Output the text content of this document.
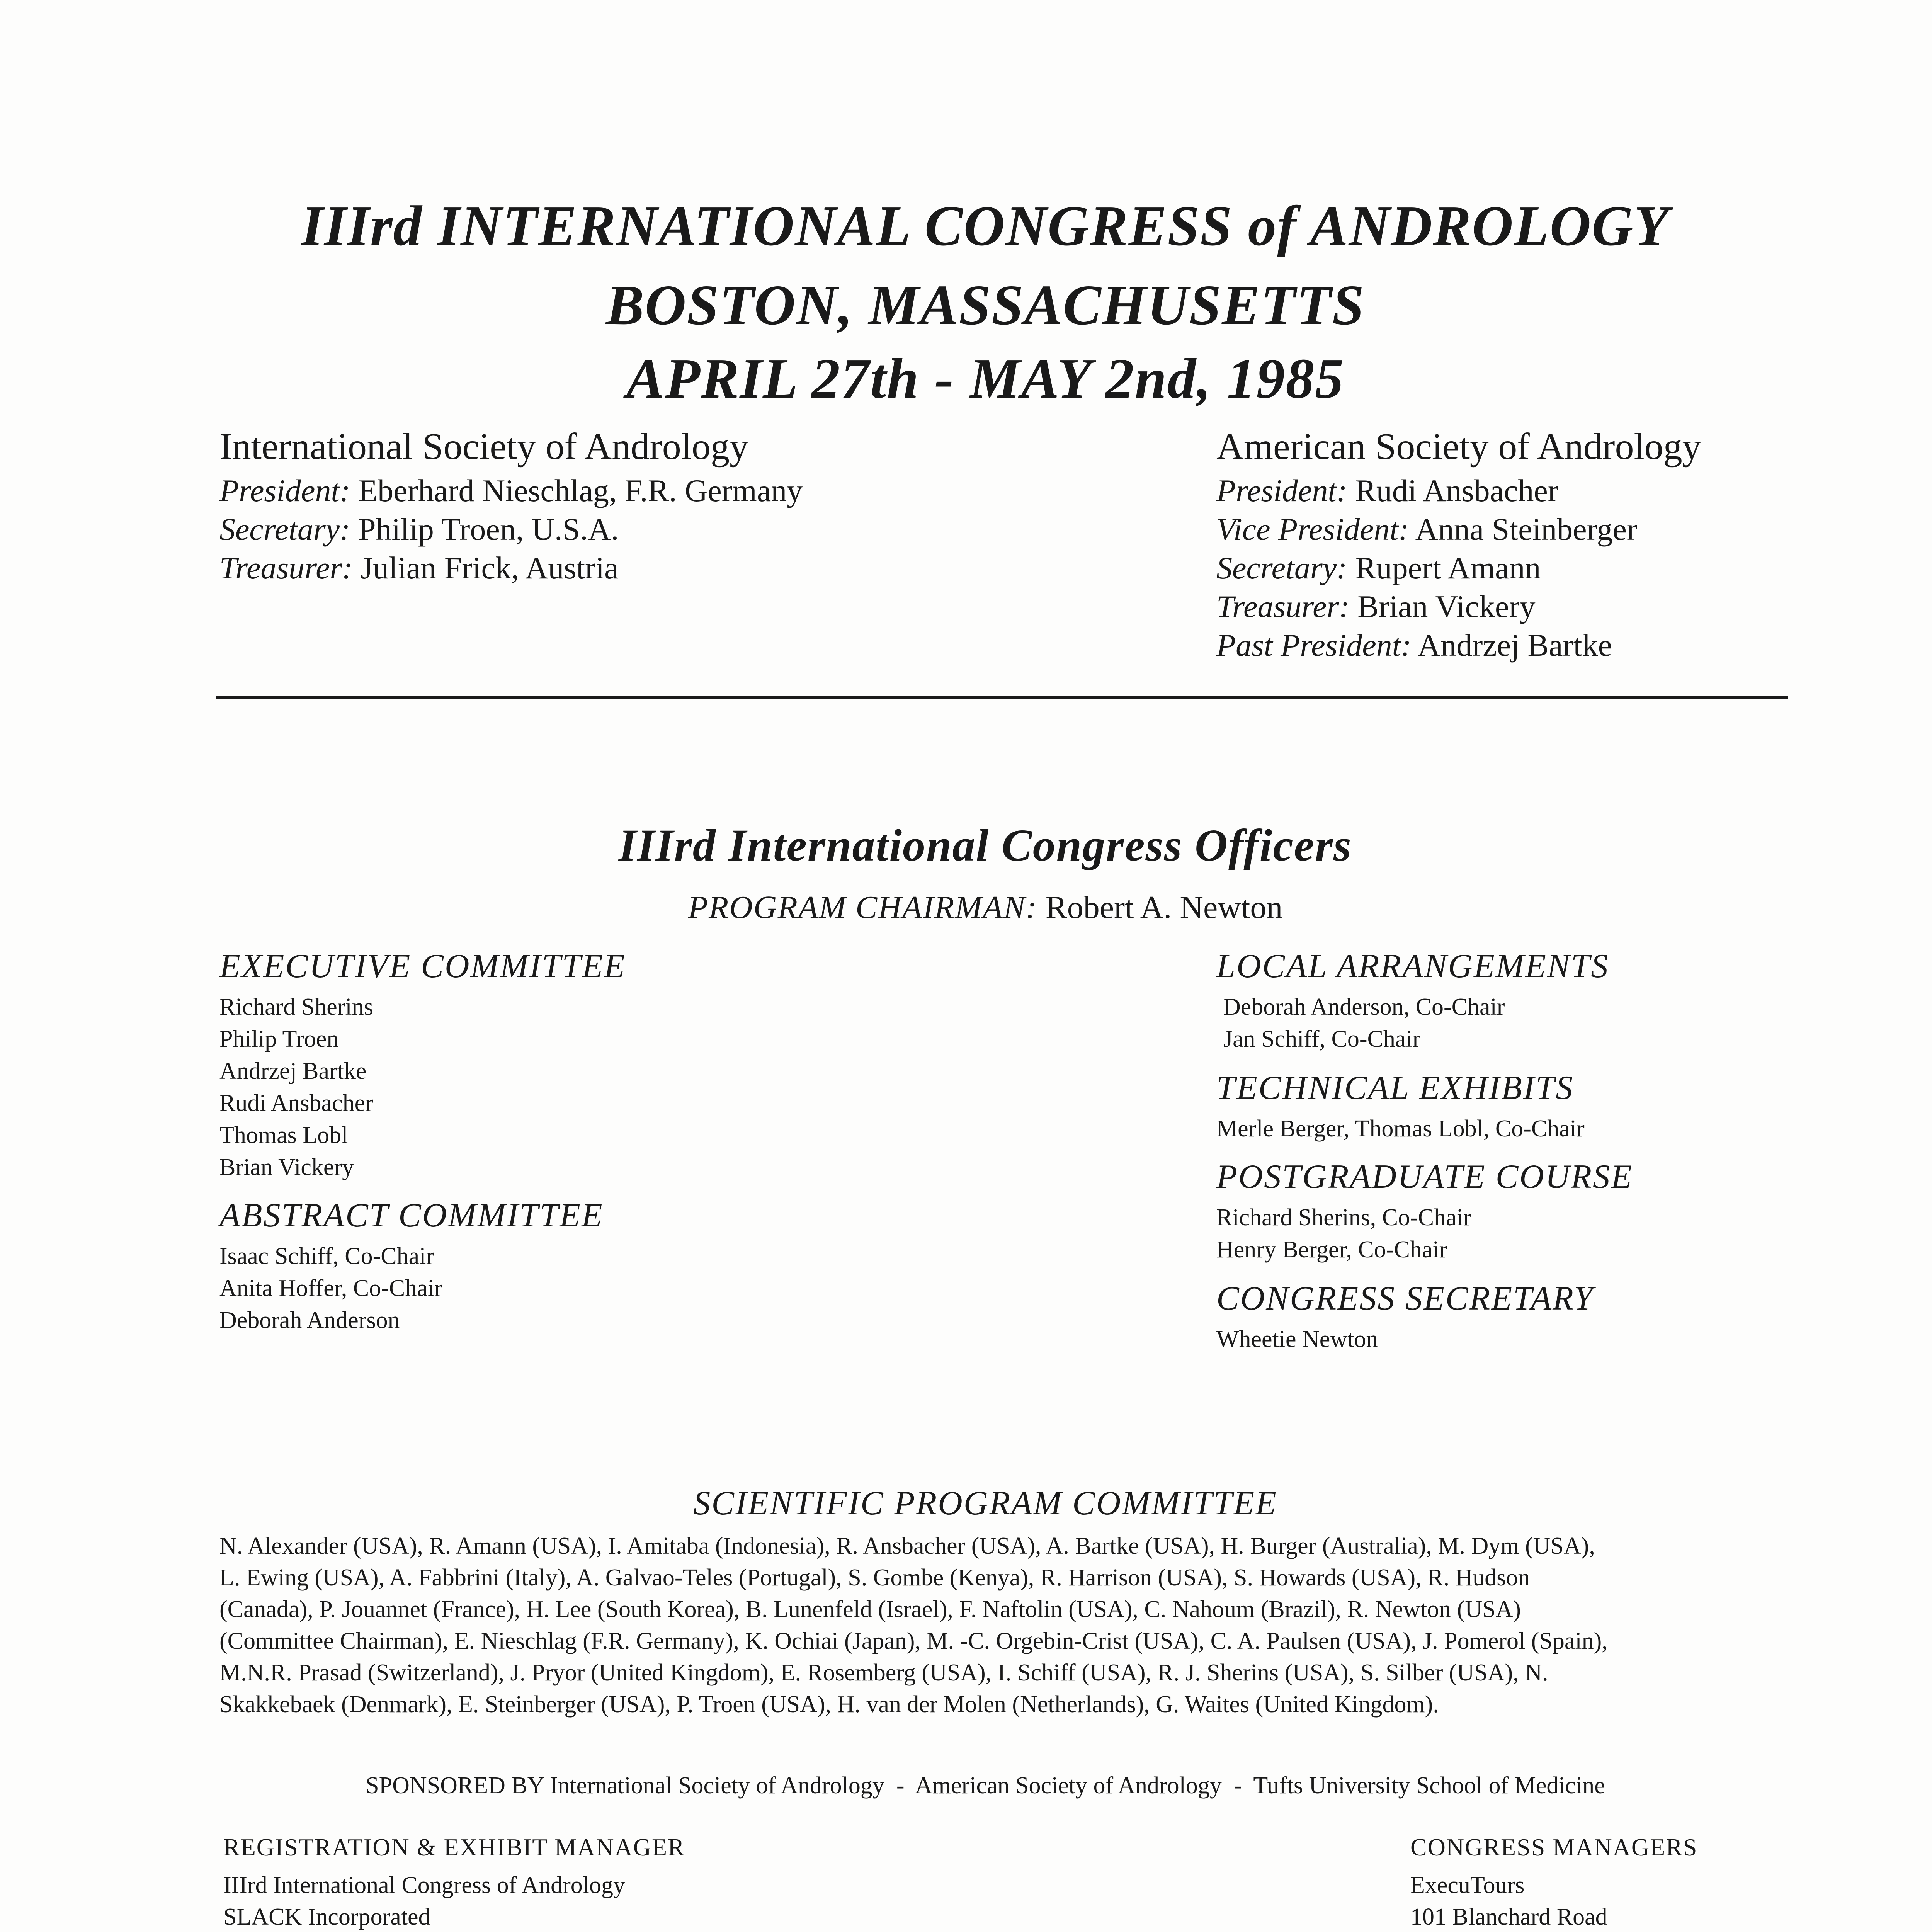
IIIrd INTERNATIONAL CONGRESS of ANDROLOGY
BOSTON, MASSACHUSETTS
APRIL 27th - MAY 2nd, 1985
International Society of Andrology
President: Eberhard Nieschlag, F.R. Germany
Secretary: Philip Troen, U.S.A.
Treasurer: Julian Frick, Austria
American Society of Andrology
President: Rudi Ansbacher
Vice President: Anna Steinberger
Secretary: Rupert Amann
Treasurer: Brian Vickery
Past President: Andrzej Bartke
IIIrd International Congress Officers
PROGRAM CHAIRMAN: Robert A. Newton
EXECUTIVE COMMITTEE
Richard Sherins
Philip Troen
Andrzej Bartke
Rudi Ansbacher
Thomas Lobl
Brian Vickery
ABSTRACT COMMITTEE
Isaac Schiff, Co-Chair
Anita Hoffer, Co-Chair
Deborah Anderson
LOCAL ARRANGEMENTS
Deborah Anderson, Co-Chair
Jan Schiff, Co-Chair
TECHNICAL EXHIBITS
Merle Berger, Thomas Lobl, Co-Chair
POSTGRADUATE COURSE
Richard Sherins, Co-Chair
Henry Berger, Co-Chair
CONGRESS SECRETARY
Wheetie Newton
SCIENTIFIC PROGRAM COMMITTEE
N. Alexander (USA), R. Amann (USA), I. Amitaba (Indonesia), R. Ansbacher (USA), A. Bartke (USA), H. Burger (Australia), M. Dym (USA),
L. Ewing (USA), A. Fabbrini (Italy), A. Galvao-Teles (Portugal), S. Gombe (Kenya), R. Harrison (USA), S. Howards (USA), R. Hudson
(Canada), P. Jouannet (France), H. Lee (South Korea), B. Lunenfeld (Israel), F. Naftolin (USA), C. Nahoum (Brazil), R. Newton (USA)
(Committee Chairman), E. Nieschlag (F.R. Germany), K. Ochiai (Japan), M. -C. Orgebin-Crist (USA), C. A. Paulsen (USA), J. Pomerol (Spain),
M.N.R. Prasad (Switzerland), J. Pryor (United Kingdom), E. Rosemberg (USA), I. Schiff (USA), R. J. Sherins (USA), S. Silber (USA), N.
Skakkebaek (Denmark), E. Steinberger (USA), P. Troen (USA), H. van der Molen (Netherlands), G. Waites (United Kingdom).
SPONSORED BY International Society of Andrology  -  American Society of Andrology  -  Tufts University School of Medicine
REGISTRATION & EXHIBIT MANAGER
IIIrd International Congress of Andrology
SLACK Incorporated
CONGRESS MANAGERS
ExecuTours
101 Blanchard Road
